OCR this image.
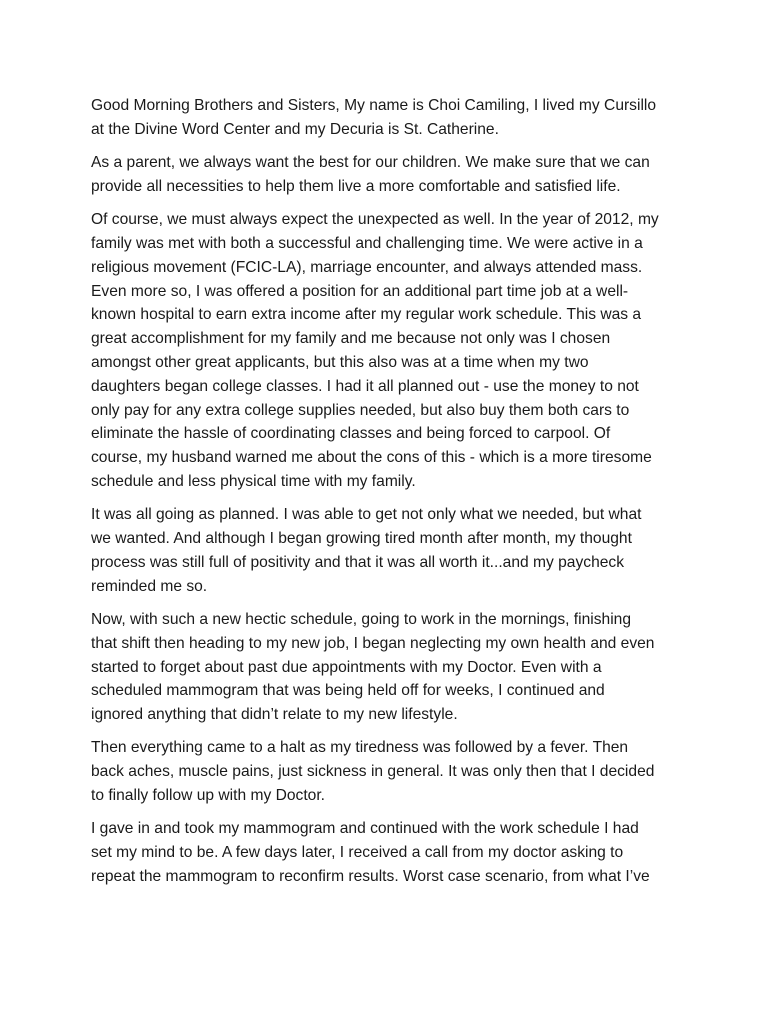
Good Morning Brothers and Sisters, My name is Choi Camiling, I lived my Cursillo
at the Divine Word Center and my Decuria is St. Catherine.

As a parent, we always want the best for our children. We make sure that we can
provide all necessities to help them live a more comfortable and satisfied life.

Of course, we must always expect the unexpected as well. In the year of 2012, my
family was met with both a successful and challenging time. We were active in a
religious movement (FCIC-LA), marriage encounter, and always attended mass.
Even more so, I was offered a position for an additional part time job at a well-
known hospital to earn extra income after my regular work schedule. This was a
great accomplishment for my family and me because not only was I chosen
amongst other great applicants, but this also was at a time when my two
daughters began college classes. I had it all planned out - use the money to not
only pay for any extra college supplies needed, but also buy them both cars to
eliminate the hassle of coordinating classes and being forced to carpool. Of
course, my husband warned me about the cons of this - which is a more tiresome
schedule and less physical time with my family.

It was all going as planned. I was able to get not only what we needed, but what
we wanted. And although I began growing tired month after month, my thought
process was still full of positivity and that it was all worth it...and my paycheck
reminded me so.

Now, with such a new hectic schedule, going to work in the mornings, finishing
that shift then heading to my new job, I began neglecting my own health and even
started to forget about past due appointments with my Doctor. Even with a
scheduled mammogram that was being held off for weeks, I continued and
ignored anything that didn’t relate to my new lifestyle.

Then everything came to a halt as my tiredness was followed by a fever. Then
back aches, muscle pains, just sickness in general. It was only then that I decided
to finally follow up with my Doctor.

I gave in and took my mammogram and continued with the work schedule I had
set my mind to be. A few days later, I received a call from my doctor asking to
repeat the mammogram to reconfirm results. Worst case scenario, from what I’ve
